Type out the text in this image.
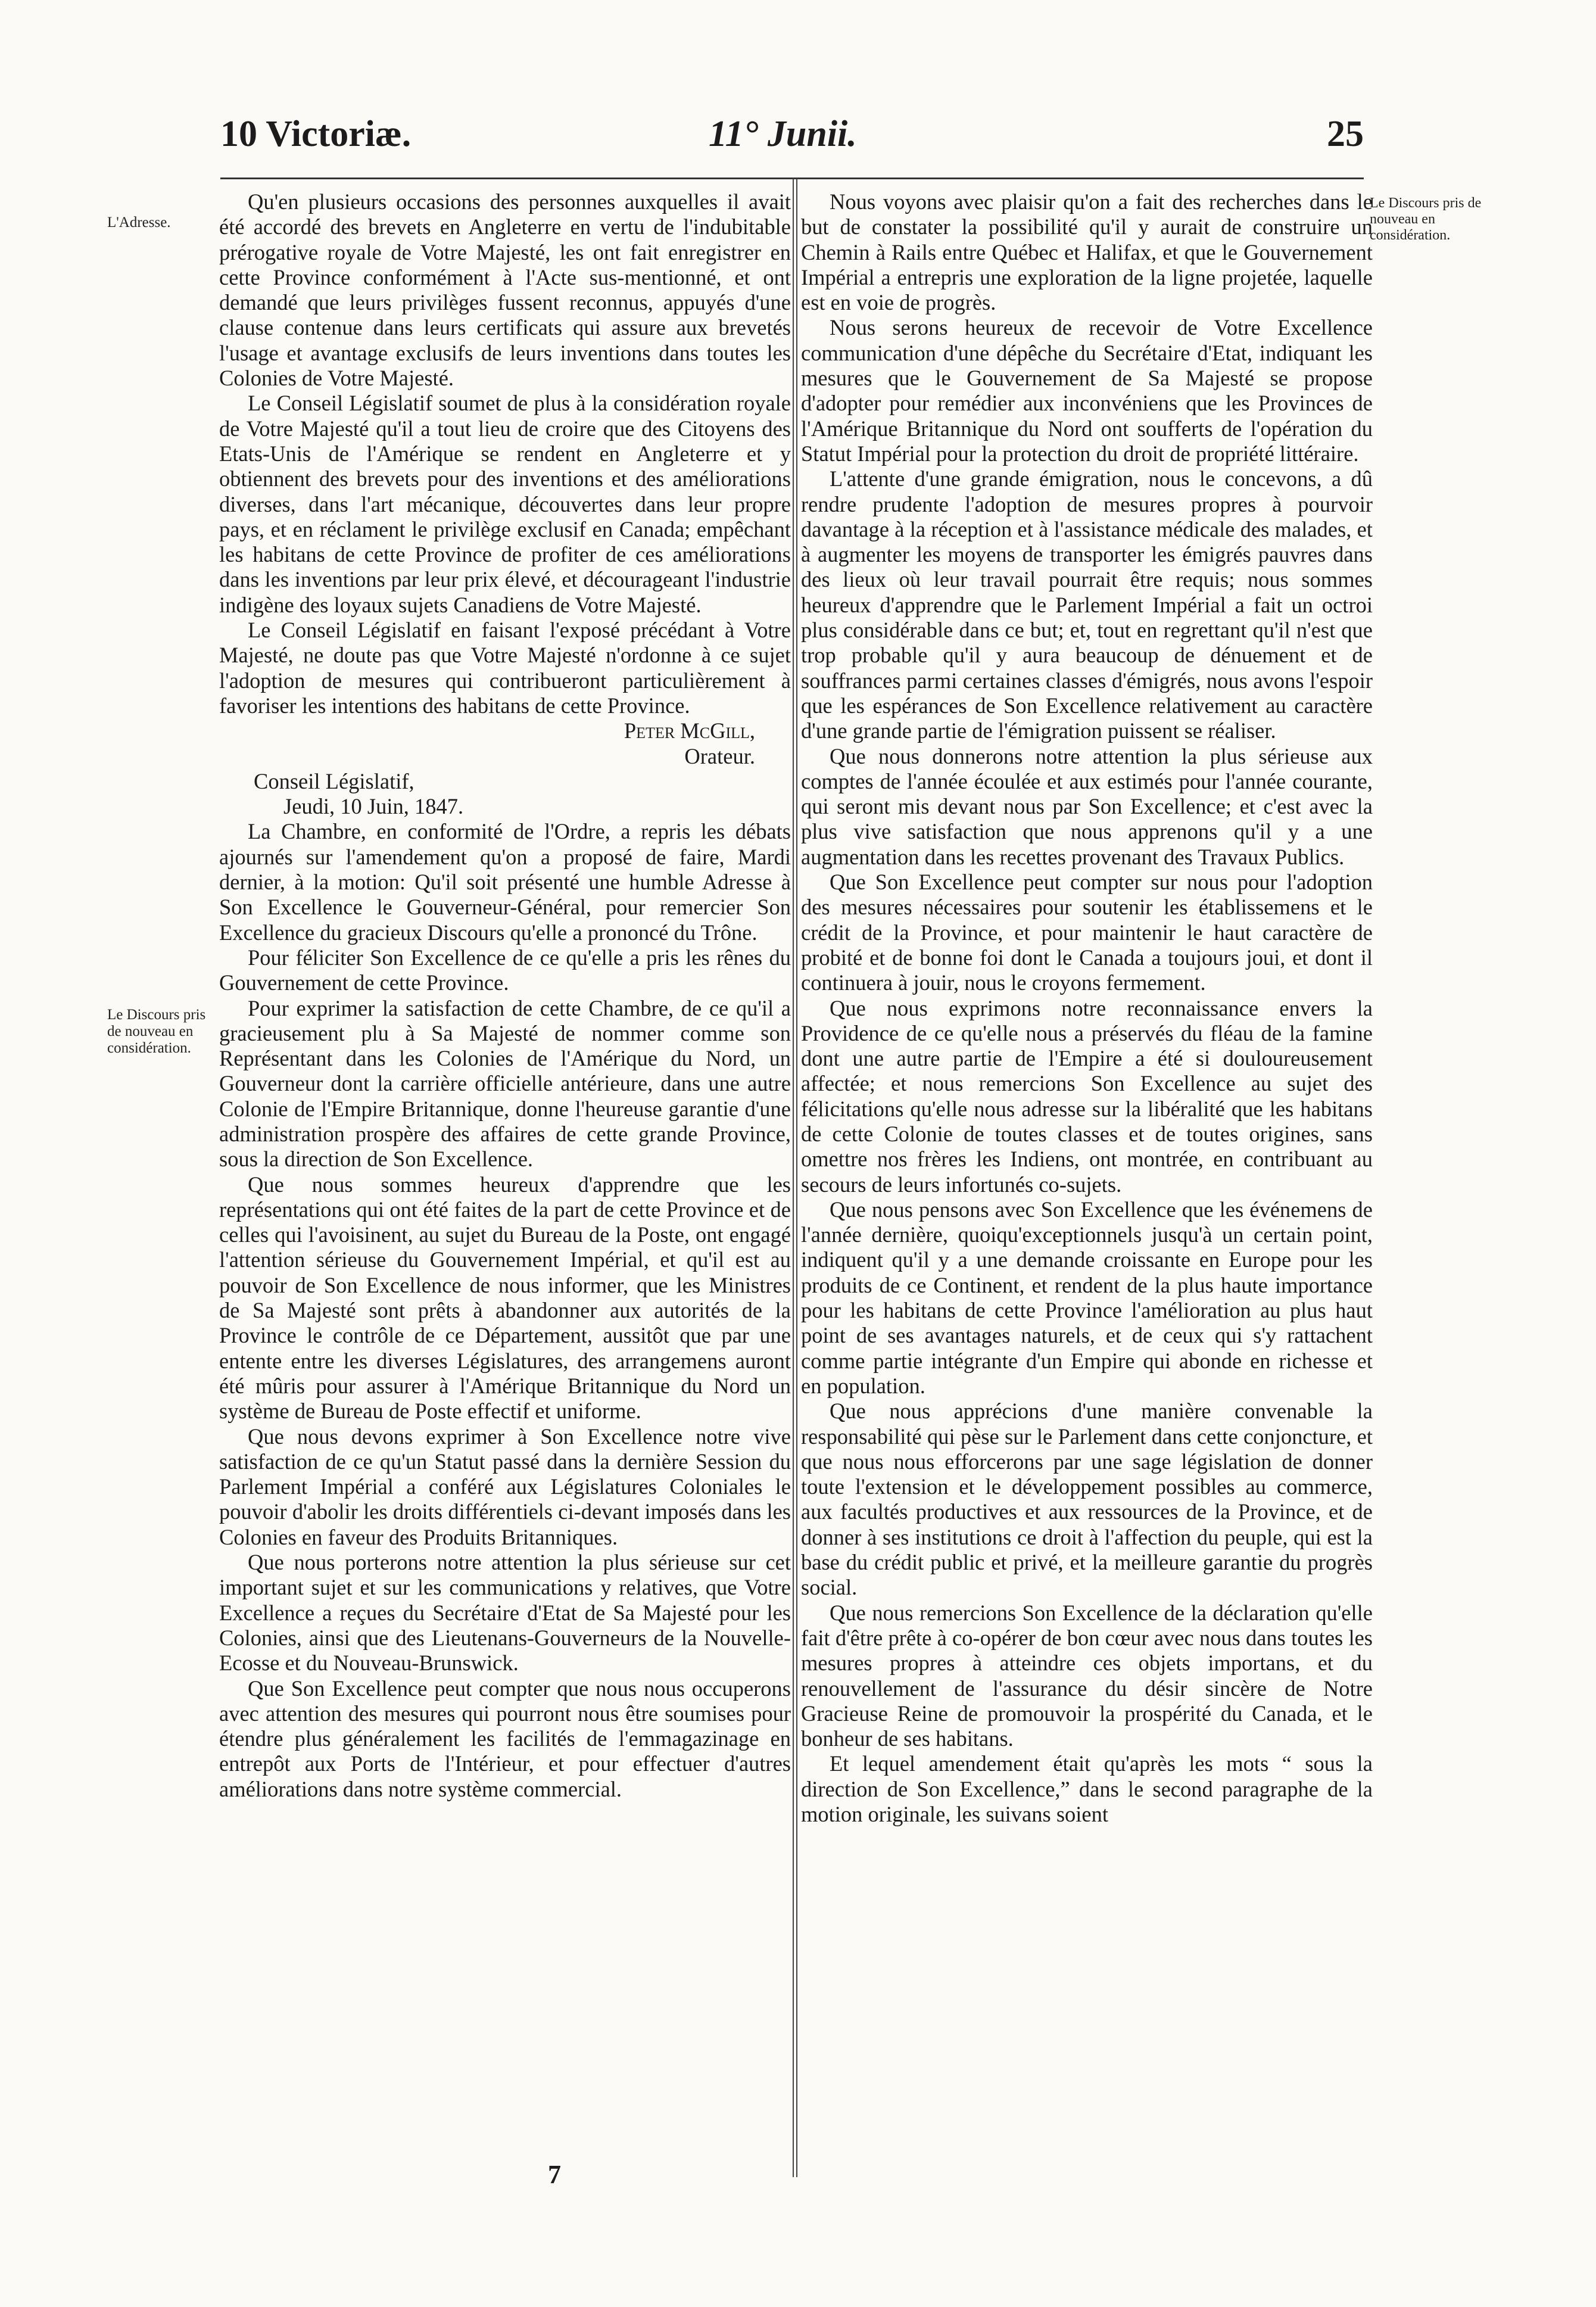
10 Victoriæ.	11° Junii.	25
L'Adresse.
Le Discours pris de nouveau en considération.
Le Discours pris de nouveau en considération.

Qu'en plusieurs occasions des personnes auxquelles il avait été accordé des brevets en Angleterre en vertu de l'indubitable prérogative royale de Votre Majesté, les ont fait enregistrer en cette Province conformément à l'Acte sus-mentionné, et ont demandé que leurs privilèges fussent reconnus, appuyés d'une clause contenue dans leurs certificats qui assure aux brevetés l'usage et avantage exclusifs de leurs inventions dans toutes les Colonies de Votre Majesté.

Le Conseil Législatif soumet de plus à la considération royale de Votre Majesté qu'il a tout lieu de croire que des Citoyens des Etats-Unis de l'Amérique se rendent en Angleterre et y obtiennent des brevets pour des inventions et des améliorations diverses, dans l'art mécanique, découvertes dans leur propre pays, et en réclament le privilège exclusif en Canada; empêchant les habitans de cette Province de profiter de ces améliorations dans les inventions par leur prix élevé, et décourageant l'industrie indigène des loyaux sujets Canadiens de Votre Majesté.

Le Conseil Législatif en faisant l'exposé précédant à Votre Majesté, ne doute pas que Votre Majesté n'ordonne à ce sujet l'adoption de mesures qui contribueront particulièrement à favoriser les intentions des habitans de cette Province.

Peter McGill,

Orateur.

Conseil Législatif,

Jeudi, 10 Juin, 1847.

La Chambre, en conformité de l'Ordre, a repris les débats ajournés sur l'amendement qu'on a proposé de faire, Mardi dernier, à la motion: Qu'il soit présenté une humble Adresse à Son Excellence le Gouverneur-Général, pour remercier Son Excellence du gracieux Discours qu'elle a prononcé du Trône.

Pour féliciter Son Excellence de ce qu'elle a pris les rênes du Gouvernement de cette Province.

Pour exprimer la satisfaction de cette Chambre, de ce qu'il a gracieusement plu à Sa Majesté de nommer comme son Représentant dans les Colonies de l'Amérique du Nord, un Gouverneur dont la carrière officielle antérieure, dans une autre Colonie de l'Empire Britannique, donne l'heureuse garantie d'une administration prospère des affaires de cette grande Province, sous la direction de Son Excellence.

Que nous sommes heureux d'apprendre que les représentations qui ont été faites de la part de cette Province et de celles qui l'avoisinent, au sujet du Bureau de la Poste, ont engagé l'attention sérieuse du Gouvernement Impérial, et qu'il est au pouvoir de Son Excellence de nous informer, que les Ministres de Sa Majesté sont prêts à abandonner aux autorités de la Province le contrôle de ce Département, aussitôt que par une entente entre les diverses Législatures, des arrangemens auront été mûris pour assurer à l'Amérique Britannique du Nord un système de Bureau de Poste effectif et uniforme.

Que nous devons exprimer à Son Excellence notre vive satisfaction de ce qu'un Statut passé dans la dernière Session du Parlement Impérial a conféré aux Législatures Coloniales le pouvoir d'abolir les droits différentiels ci-devant imposés dans les Colonies en faveur des Produits Britanniques.

Que nous porterons notre attention la plus sérieuse sur cet important sujet et sur les communications y relatives, que Votre Excellence a reçues du Secrétaire d'Etat de Sa Majesté pour les Colonies, ainsi que des Lieutenans-Gouverneurs de la Nouvelle-Ecosse et du Nouveau-Brunswick.

Que Son Excellence peut compter que nous nous occuperons avec attention des mesures qui pourront nous être soumises pour étendre plus généralement les facilités de l'emmagazinage en entrepôt aux Ports de l'Intérieur, et pour effectuer d'autres améliorations dans notre système commercial.

Nous voyons avec plaisir qu'on a fait des recherches dans le but de constater la possibilité qu'il y aurait de construire un Chemin à Rails entre Québec et Halifax, et que le Gouvernement Impérial a entrepris une exploration de la ligne projetée, laquelle est en voie de progrès.

Nous serons heureux de recevoir de Votre Excellence communication d'une dépêche du Secrétaire d'Etat, indiquant les mesures que le Gouvernement de Sa Majesté se propose d'adopter pour remédier aux inconvéniens que les Provinces de l'Amérique Britannique du Nord ont soufferts de l'opération du Statut Impérial pour la protection du droit de propriété littéraire.

L'attente d'une grande émigration, nous le concevons, a dû rendre prudente l'adoption de mesures propres à pourvoir davantage à la réception et à l'assistance médicale des malades, et à augmenter les moyens de transporter les émigrés pauvres dans des lieux où leur travail pourrait être requis; nous sommes heureux d'apprendre que le Parlement Impérial a fait un octroi plus considérable dans ce but; et, tout en regrettant qu'il n'est que trop probable qu'il y aura beaucoup de dénuement et de souffrances parmi certaines classes d'émigrés, nous avons l'espoir que les espérances de Son Excellence relativement au caractère d'une grande partie de l'émigration puissent se réaliser.

Que nous donnerons notre attention la plus sérieuse aux comptes de l'année écoulée et aux estimés pour l'année courante, qui seront mis devant nous par Son Excellence; et c'est avec la plus vive satisfaction que nous apprenons qu'il y a une augmentation dans les recettes provenant des Travaux Publics.

Que Son Excellence peut compter sur nous pour l'adoption des mesures nécessaires pour soutenir les établissemens et le crédit de la Province, et pour maintenir le haut caractère de probité et de bonne foi dont le Canada a toujours joui, et dont il continuera à jouir, nous le croyons fermement.

Que nous exprimons notre reconnaissance envers la Providence de ce qu'elle nous a préservés du fléau de la famine dont une autre partie de l'Empire a été si douloureusement affectée; et nous remercions Son Excellence au sujet des félicitations qu'elle nous adresse sur la libéralité que les habitans de cette Colonie de toutes classes et de toutes origines, sans omettre nos frères les Indiens, ont montrée, en contribuant au secours de leurs infortunés co-sujets.

Que nous pensons avec Son Excellence que les événemens de l'année dernière, quoiqu'exceptionnels jusqu'à un certain point, indiquent qu'il y a une demande croissante en Europe pour les produits de ce Continent, et rendent de la plus haute importance pour les habitans de cette Province l'amélioration au plus haut point de ses avantages naturels, et de ceux qui s'y rattachent comme partie intégrante d'un Empire qui abonde en richesse et en population.

Que nous apprécions d'une manière convenable la responsabilité qui pèse sur le Parlement dans cette conjoncture, et que nous nous efforcerons par une sage législation de donner toute l'extension et le développement possibles au commerce, aux facultés productives et aux ressources de la Province, et de donner à ses institutions ce droit à l'affection du peuple, qui est la base du crédit public et privé, et la meilleure garantie du progrès social.

Que nous remercions Son Excellence de la déclaration qu'elle fait d'être prête à co-opérer de bon cœur avec nous dans toutes les mesures propres à atteindre ces objets importans, et du renouvellement de l'assurance du désir sincère de Notre Gracieuse Reine de promouvoir la prospérité du Canada, et le bonheur de ses habitans.

Et lequel amendement était qu'après les mots “ sous la direction de Son Excellence,” dans le second paragraphe de la motion originale, les suivans soient

7
